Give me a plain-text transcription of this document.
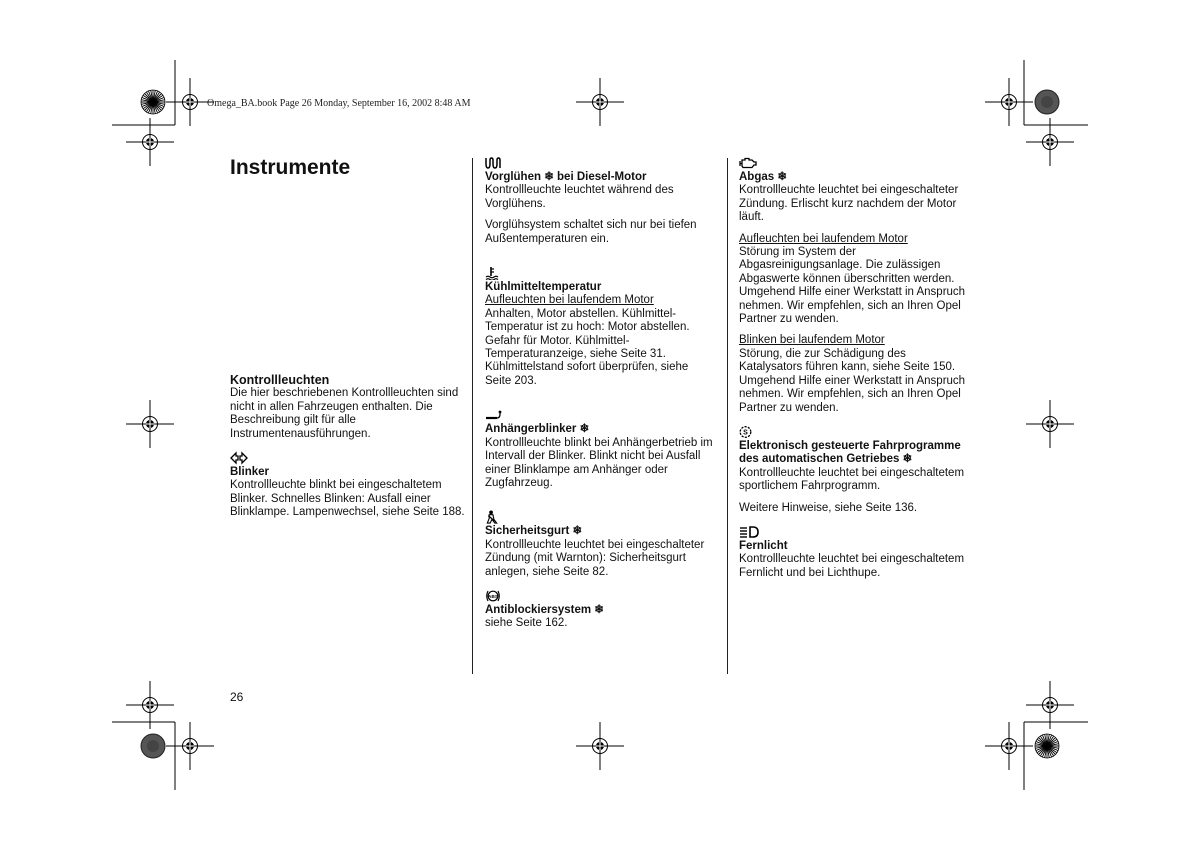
Omega_BA.book Page 26 Monday, September 16, 2002 8:48 AM
Instrumente

Kontrollleuchten

Die hier beschriebenen Kontrollleuchten sind nicht in allen Fahrzeugen enthalten. Die Beschreibung gilt für alle Instrumentenausführungen.

Blinker

Kontrollleuchte blinkt bei eingeschaltetem Blinker. Schnelles Blinken: Ausfall einer Blinklampe. Lampenwechsel, siehe Seite 188.

Vorglühen ❄ bei Diesel-Motor

Kontrollleuchte leuchtet während des Vorglühens.

Vorglühsystem schaltet sich nur bei tiefen Außentemperaturen ein.

Kühlmitteltemperatur

Aufleuchten bei laufendem Motor

Anhalten, Motor abstellen. Kühlmittel-Temperatur ist zu hoch: Motor abstellen. Gefahr für Motor. Kühlmittel-Temperaturanzeige, siehe Seite 31. Kühlmittelstand sofort überprüfen, siehe Seite 203.

Anhängerblinker ❄

Kontrollleuchte blinkt bei Anhängerbetrieb im Intervall der Blinker. Blinkt nicht bei Ausfall einer Blinklampe am Anhänger oder Zugfahrzeug.

Sicherheitsgurt ❄

Kontrollleuchte leuchtet bei eingeschalteter Zündung (mit Warnton): Sicherheitsgurt anlegen, siehe Seite 82.

ABS

Antiblockiersystem ❄

siehe Seite 162.

Abgas ❄

Kontrollleuchte leuchtet bei eingeschalteter Zündung. Erlischt kurz nachdem der Motor läuft.

Aufleuchten bei laufendem Motor

Störung im System der Abgasreinigungsanlage. Die zulässigen Abgaswerte können überschritten werden. Umgehend Hilfe einer Werkstatt in Anspruch nehmen. Wir empfehlen, sich an Ihren Opel Partner zu wenden.

Blinken bei laufendem Motor

Störung, die zur Schädigung des Katalysators führen kann, siehe Seite 150. Umgehend Hilfe einer Werkstatt in Anspruch nehmen. Wir empfehlen, sich an Ihren Opel Partner zu wenden.

S

Elektronisch gesteuerte Fahrprogramme des automatischen Getriebes ❄

Kontrollleuchte leuchtet bei eingeschaltetem sportlichem Fahrprogramm.

Weitere Hinweise, siehe Seite 136.

Fernlicht

Kontrollleuchte leuchtet bei eingeschaltetem Fernlicht und bei Lichthupe.

26
